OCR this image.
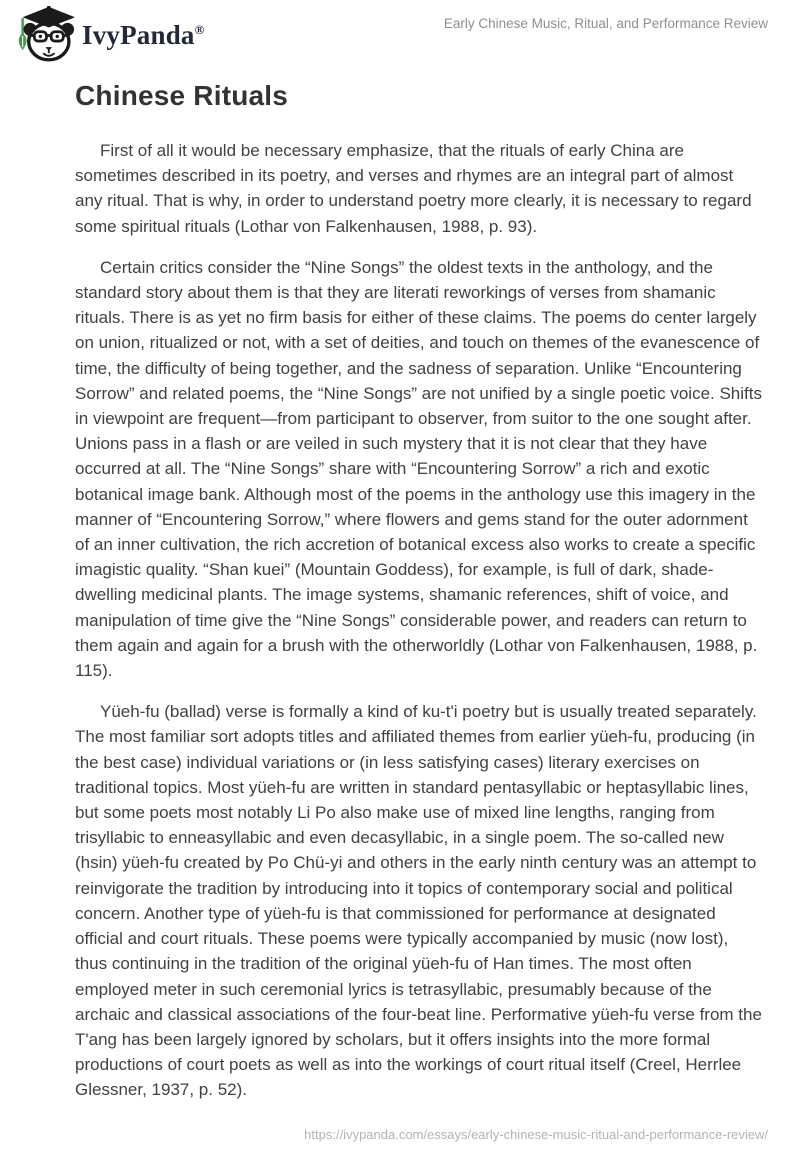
IvyPanda®	Early Chinese Music, Ritual, and Performance Review
Chinese Rituals

First of all it would be necessary emphasize, that the rituals of early China are sometimes described in its poetry, and verses and rhymes are an integral part of almost any ritual. That is why, in order to understand poetry more clearly, it is necessary to regard some spiritual rituals (Lothar von Falkenhausen, 1988, p. 93).

Certain critics consider the “Nine Songs” the oldest texts in the anthology, and the standard story about them is that they are literati reworkings of verses from shamanic rituals. There is as yet no firm basis for either of these claims. The poems do center largely on union, ritualized or not, with a set of deities, and touch on themes of the evanescence of time, the difficulty of being together, and the sadness of separation. Unlike “Encountering Sorrow” and related poems, the “Nine Songs” are not unified by a single poetic voice. Shifts in viewpoint are frequent—from participant to observer, from suitor to the one sought after. Unions pass in a flash or are veiled in such mystery that it is not clear that they have occurred at all. The “Nine Songs” share with “Encountering Sorrow” a rich and exotic botanical image bank. Although most of the poems in the anthology use this imagery in the manner of “Encountering Sorrow,” where flowers and gems stand for the outer adornment of an inner cultivation, the rich accretion of botanical excess also works to create a specific imagistic quality. “Shan kuei” (Mountain Goddess), for example, is full of dark, shade-dwelling medicinal plants. The image systems, shamanic references, shift of voice, and manipulation of time give the “Nine Songs” considerable power, and readers can return to them again and again for a brush with the otherworldly (Lothar von Falkenhausen, 1988, p. 115).

Yüeh-fu (ballad) verse is formally a kind of ku-t'i poetry but is usually treated separately. The most familiar sort adopts titles and affiliated themes from earlier yüeh-fu, producing (in the best case) individual variations or (in less satisfying cases) literary exercises on traditional topics. Most yüeh-fu are written in standard pentasyllabic or heptasyllabic lines, but some poets most notably Li Po also make use of mixed line lengths, ranging from trisyllabic to enneasyllabic and even decasyllabic, in a single poem. The so-called new (hsin) yüeh-fu created by Po Chü-yi and others in the early ninth century was an attempt to reinvigorate the tradition by introducing into it topics of contemporary social and political concern. Another type of yüeh-fu is that commissioned for performance at designated official and court rituals. These poems were typically accompanied by music (now lost), thus continuing in the tradition of the original yüeh-fu of Han times. The most often employed meter in such ceremonial lyrics is tetrasyllabic, presumably because of the archaic and classical associations of the four-beat line. Performative yüeh-fu verse from the T'ang has been largely ignored by scholars, but it offers insights into the more formal productions of court poets as well as into the workings of court ritual itself (Creel, Herrlee Glessner, 1937, p. 52).

https://ivypanda.com/essays/early-chinese-music-ritual-and-performance-review/
